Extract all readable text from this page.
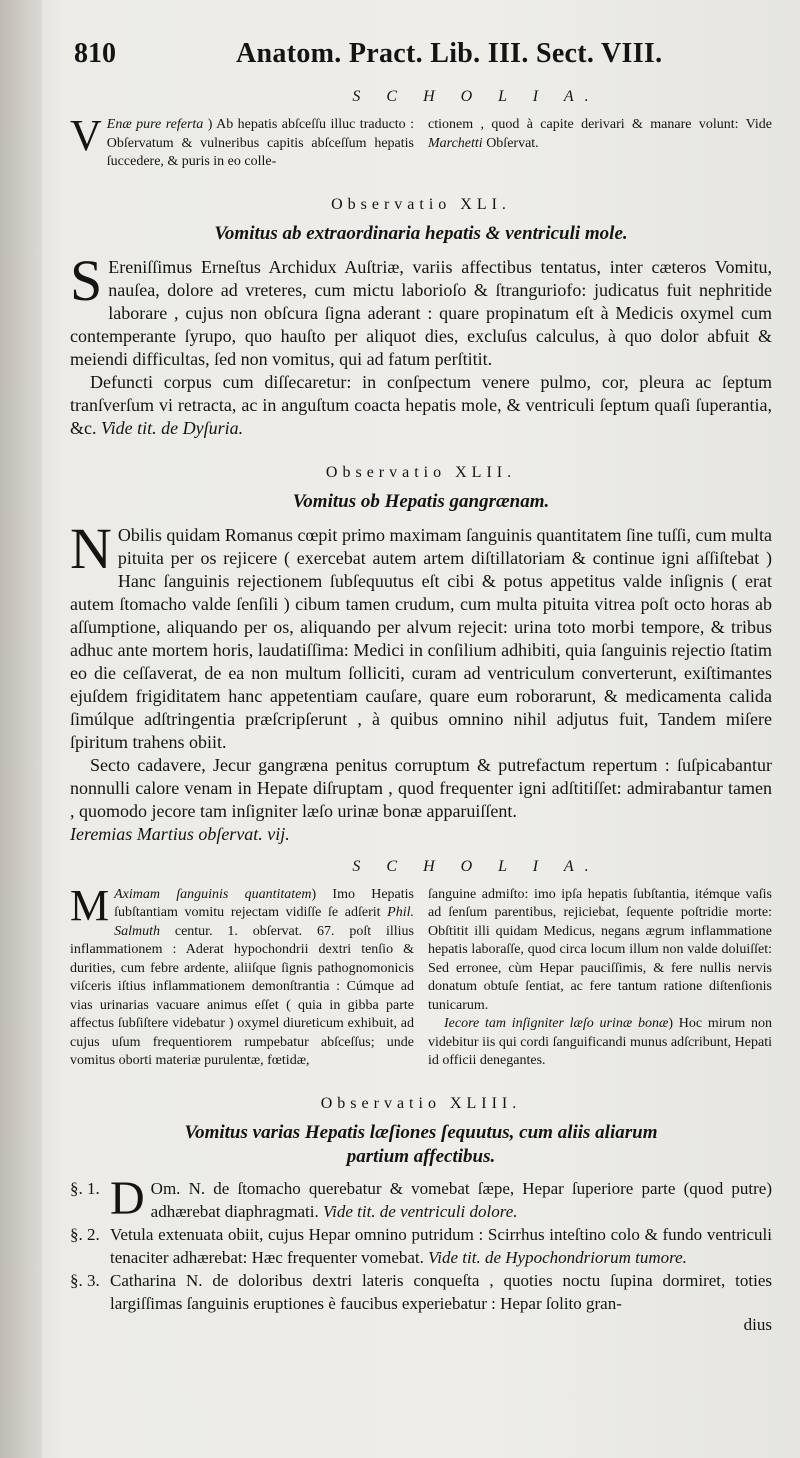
810	Anatom. Pract. Lib. III. Sect. VIII.
S C H O L I A.

V Enæ pure referta ) Ab hepatis abſceſſu illuc traducto : Obſervatum & vulneribus capitis abſceſſum hepatis ſuccedere, & puris in eo colle-

ctionem , quod à capite derivari & manare volunt: Vide Marchetti Obſervat.

Observatio XLI.
Vomitus ab extraordinaria hepatis & ventriculi mole.

S Ereniſſimus Erneſtus Archidux Auſtriæ, variis affectibus tentatus, inter cæteros Vomitu, nauſea, dolore ad vreteres, cum mictu laborioſo & ſtranguriofo: judicatus fuit nephritide laborare , cujus non obſcura ſigna aderant : quare propinatum eſt à Medicis oxymel cum contemperante ſyrupo, quo hauſto per aliquot dies, excluſus calculus, à quo dolor abfuit & meiendi difficultas, ſed non vomitus, qui ad fatum perſtitit.

Defuncti corpus cum diſſecaretur: in conſpectum venere pulmo, cor, pleura ac ſeptum tranſverſum vi retracta, ac in anguſtum coacta hepatis mole, & ventriculi ſeptum quaſi ſuperantia, &c. Vide tit. de Dyſuria.

Observatio XLII.
Vomitus ob Hepatis gangrænam.

N Obilis quidam Romanus cœpit primo maximam ſanguinis quantitatem ſine tuſſi, cum multa pituita per os rejicere ( exercebat autem artem diſtillatoriam & continue igni aſſiſtebat ) Hanc ſanguinis rejectionem ſubſequutus eſt cibi & potus appetitus valde inſignis ( erat autem ſtomacho valde ſenſili ) cibum tamen crudum, cum multa pituita vitrea poſt octo horas ab aſſumptione, aliquando per os, aliquando per alvum rejecit: urina toto morbi tempore, & tribus adhuc ante mortem horis, laudatiſſima: Medici in conſilium adhibiti, quia ſanguinis rejectio ſtatim eo die ceſſaverat, de ea non multum ſolliciti, curam ad ventriculum converterunt, exiſtimantes ejuſdem frigiditatem hanc appetentiam cauſare, quare eum roborarunt, & medicamenta calida ſimúlque adſtringentia præſcripſerunt , à quibus omnino nihil adjutus fuit, Tandem miſere ſpiritum trahens obiit.

Secto cadavere, Jecur gangræna penitus corruptum & putrefactum repertum : ſuſpicabantur nonnulli calore venam in Hepate diſruptam , quod frequenter igni adſtitiſſet: admirabantur tamen , quomodo jecore tam inſigniter læſo urinæ bonæ apparuiſſent.

Ieremias Martius obſervat. vij.

S C H O L I A.

M Aximam ſanguinis quantitatem) Imo Hepatis ſubſtantiam vomitu rejectam vidiſſe ſe adſerit Phil. Salmuth centur. 1. obſervat. 67. poſt illius inflammationem : Aderat hypochondrii dextri tenſio & durities, cum febre ardente, aliiſque ſignis pathognomonicis viſceris iſtius inflammationem demonſtrantia : Cúmque ad vias urinarias vacuare animus eſſet ( quia in gibba parte affectus ſubſiſtere videbatur ) oxymel diureticum exhibuit, ad cujus uſum frequentiorem rumpebatur abſceſſus; unde vomitus oborti materiæ purulentæ, fœtidæ,

ſanguine admiſto: imo ipſa hepatis ſubſtantia, itémque vaſis ad ſenſum parentibus, rejiciebat, ſequente poſtridie morte: Obſtitit illi quidam Medicus, negans ægrum inflammatione hepatis laboraſſe, quod circa locum illum non valde doluiſſet: Sed erronee, cùm Hepar pauciſſimis, & fere nullis nervis donatum obtuſe ſentiat, ac fere tantum ratione diſtenſionis tunicarum.

Iecore tam inſigniter læſo urinæ bonæ) Hoc mirum non videbitur iis qui cordi ſanguificandi munus adſcribunt, Hepati id officii denegantes.

Observatio XLIII.
Vomitus varias Hepatis læſiones ſequutus, cum aliis aliarum
partium affectibus.
§. 1. D Om. N. de ſtomacho querebatur & vomebat ſæpe, Hepar ſuperiore parte (quod putre) adhærebat diaphragmati. Vide tit. de ventriculi dolore.
§. 2. Vetula extenuata obiit, cujus Hepar omnino putridum : Scirrhus inteſtino colo & fundo ventriculi tenaciter adhærebat: Hæc frequenter vomebat. Vide tit. de Hypochondriorum tumore.
§. 3. Catharina N. de doloribus dextri lateris conqueſta , quoties noctu ſupina dormiret, toties largiſſimas ſanguinis eruptiones è faucibus experiebatur : Hepar ſolito gran-
dius
